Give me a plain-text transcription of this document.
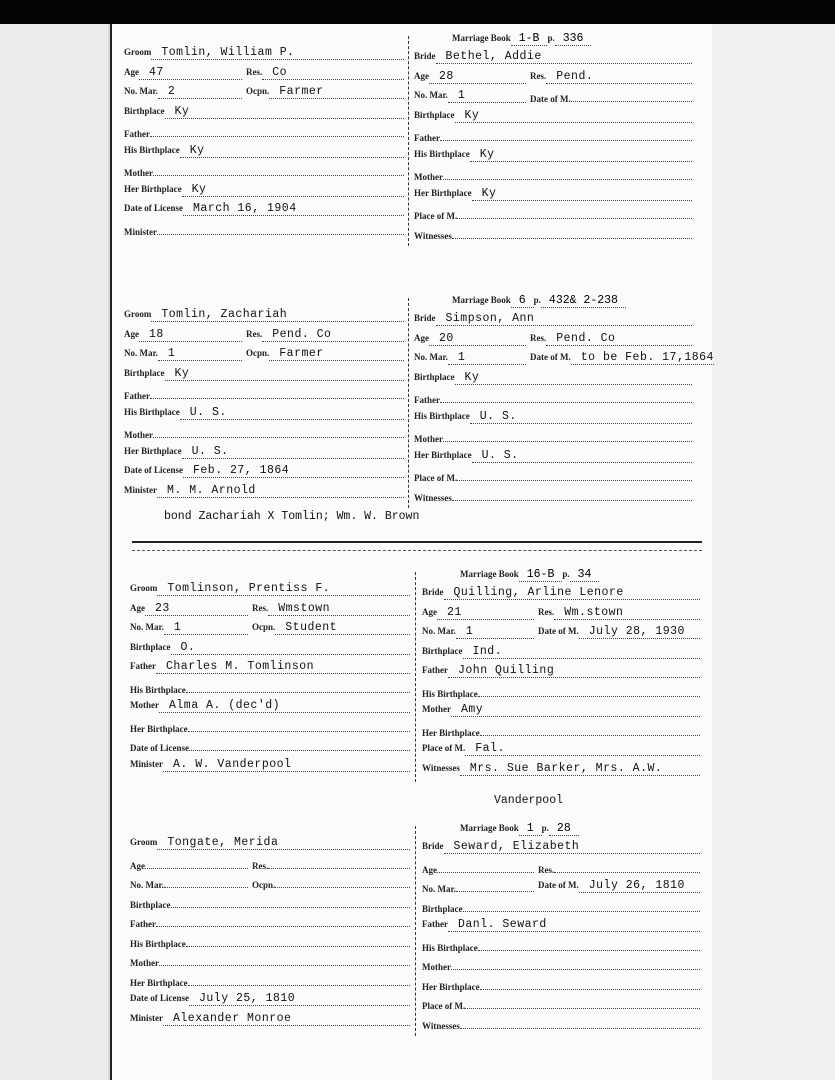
Marriage Book 1-B p. 336
Groom Tomlin, William P.
Age 47	Res. Co
No. Mar. 2	Ocpn. Farmer
Birthplace Ky
Father
His Birthplace Ky
Mother
Her Birthplace Ky
Date of License March 16, 1904
Minister
Bride Bethel, Addie
Age 28	Res. Pend.
No. Mar. 1	Date of M.
Birthplace Ky
Father
His Birthplace Ky
Mother
Her Birthplace Ky
Place of M.
Witnesses
Marriage Book 6 p. 432& 2-238
Groom Tomlin, Zachariah
Age 18	Res. Pend. Co
No. Mar. 1	Ocpn. Farmer
Birthplace Ky
Father
His Birthplace U. S.
Mother
Her Birthplace U. S.
Date of License Feb. 27, 1864
Minister M. M. Arnold
Bride Simpson, Ann
Age 20	Res. Pend. Co
No. Mar. 1	Date of M. to be Feb. 17,1864
Birthplace Ky
Father
His Birthplace U. S.
Mother
Her Birthplace U. S.
Place of M.
Witnesses
bond Zachariah X Tomlin; Wm. W. Brown
Marriage Book 16-B p. 34
Groom Tomlinson, Prentiss F.
Age 23	Res. Wmstown
No. Mar. 1	Ocpn. Student
Birthplace O.
Father Charles M. Tomlinson
His Birthplace
Mother Alma A. (dec'd)
Her Birthplace
Date of License
Minister A. W. Vanderpool
Bride Quilling, Arline Lenore
Age 21	Res. Wm.stown
No. Mar. 1	Date of M. July 28, 1930
Birthplace Ind.
Father John Quilling
His Birthplace
Mother Amy
Her Birthplace
Place of M. Fal.
Witnesses Mrs. Sue Barker, Mrs. A.W.
Vanderpool
Marriage Book 1 p. 28
Groom Tongate, Merida
Age	Res.
No. Mar.	Ocpn.
Birthplace
Father
His Birthplace
Mother
Her Birthplace
Date of License July 25, 1810
Minister Alexander Monroe
Bride Seward, Elizabeth
Age	Res.
No. Mar.	Date of M. July 26, 1810
Birthplace
Father Danl. Seward
His Birthplace
Mother
Her Birthplace
Place of M.
Witnesses
